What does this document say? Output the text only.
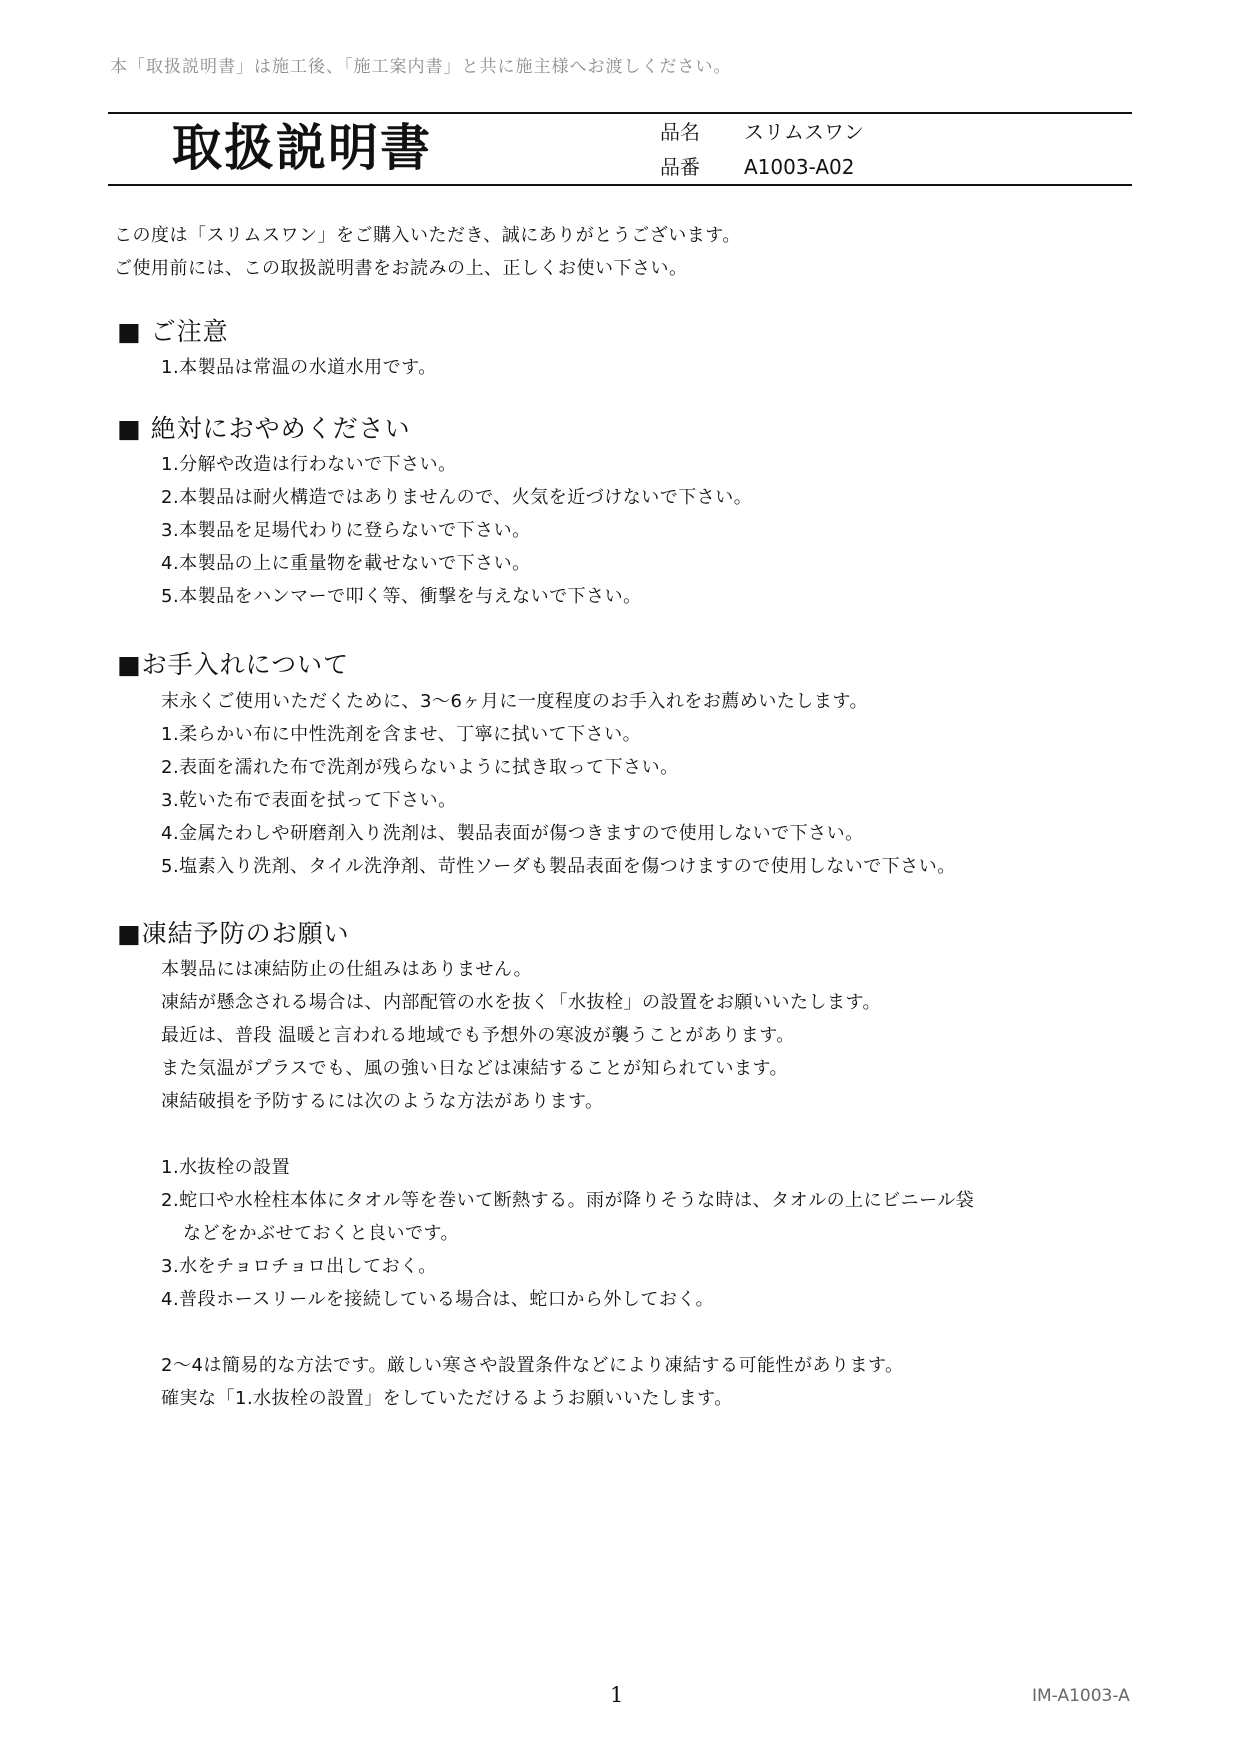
本「取扱説明書」は施工後、「施工案内書」と共に施主様へお渡しください。
取扱説明書	品名 スリムスワン
品番 A1003-A02
この度は「スリムスワン」をご購入いただき、誠にありがとうございます。
ご使用前には、この取扱説明書をお読みの上、正しくお使い下さい。
■ ご注意
1.本製品は常温の水道水用です。
■ 絶対におやめください
1.分解や改造は行わないで下さい。
2.本製品は耐火構造ではありませんので、火気を近づけないで下さい。
3.本製品を足場代わりに登らないで下さい。
4.本製品の上に重量物を載せないで下さい。
5.本製品をハンマーで叩く等、衝撃を与えないで下さい。
■お手入れについて
末永くご使用いただくために、3～6ヶ月に一度程度のお手入れをお薦めいたします。
1.柔らかい布に中性洗剤を含ませ、丁寧に拭いて下さい。
2.表面を濡れた布で洗剤が残らないように拭き取って下さい。
3.乾いた布で表面を拭って下さい。
4.金属たわしや研磨剤入り洗剤は、製品表面が傷つきますので使用しないで下さい。
5.塩素入り洗剤、タイル洗浄剤、苛性ソーダも製品表面を傷つけますので使用しないで下さい。
■凍結予防のお願い
本製品には凍結防止の仕組みはありません。
凍結が懸念される場合は、内部配管の水を抜く「水抜栓」の設置をお願いいたします。
最近は、普段 温暖と言われる地域でも予想外の寒波が襲うことがあります。
また気温がプラスでも、風の強い日などは凍結することが知られています。
凍結破損を予防するには次のような方法があります。
1.水抜栓の設置
2.蛇口や水栓柱本体にタオル等を巻いて断熱する。雨が降りそうな時は、タオルの上にビニール袋
などをかぶせておくと良いです。
3.水をチョロチョロ出しておく。
4.普段ホースリールを接続している場合は、蛇口から外しておく。
2～4は簡易的な方法です。厳しい寒さや設置条件などにより凍結する可能性があります。
確実な「1.水抜栓の設置」をしていただけるようお願いいたします。
1	IM-A1003-A
